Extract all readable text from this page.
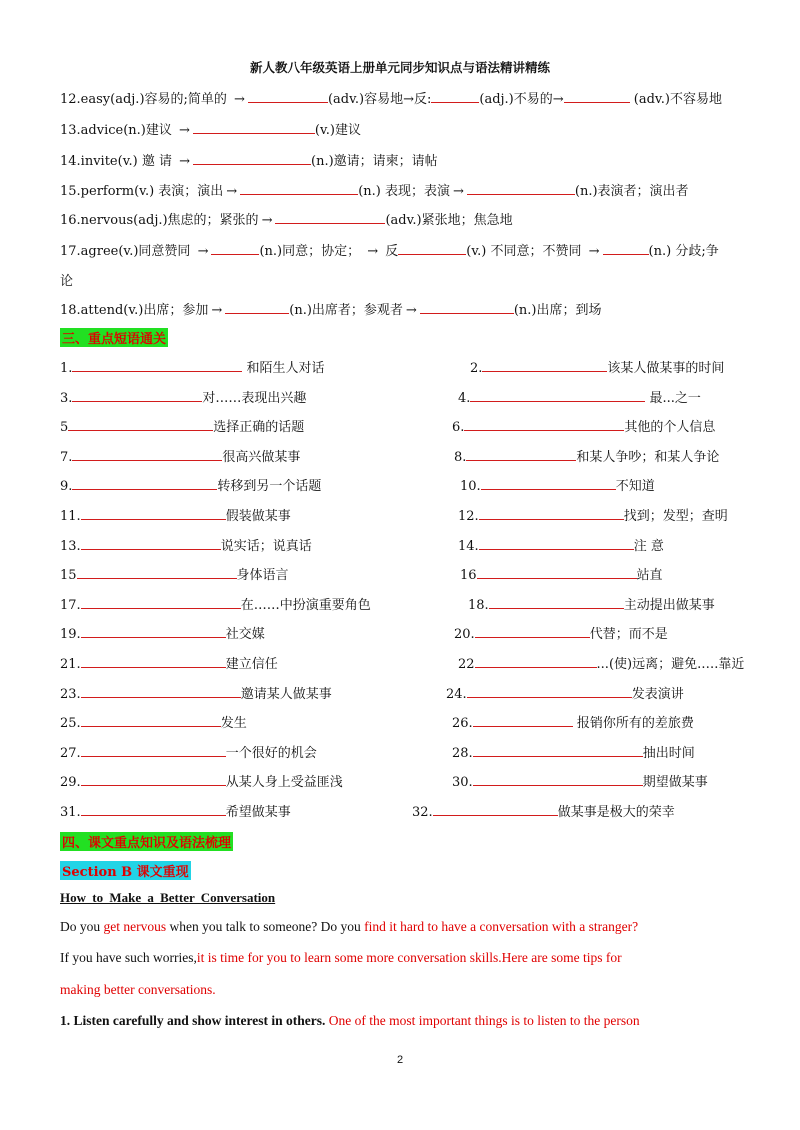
新人教八年级英语上册单元同步知识点与语法精讲精练
12.easy(adj.)容易的;简单的 →	(adv.)容易地→反:	(adj.)不易的→	(adv.)不容易地
13.advice(n.)建议 →	(v.)建议
14.invite(v.) 邀 请 →	(n.)邀请；请柬；请帖
15.perform(v.) 表演；演出 →	(n.) 表现；表演 →	(n.)表演者；演出者
16.nervous(adj.)焦虑的；紧张的 →	(adv.)紧张地；焦急地
17.agree(v.)同意赞同 →	(n.)同意；协定； → 反	(v.) 不同意；不赞同 →	(n.) 分歧;争
论
18.attend(v.)出席；参加 →	(n.)出席者；参观者 →	(n.)出席；到场
三、重点短语通关
1.	和陌生人对话	2.	该某人做某事的时间
3.	对……表现出兴趣	4.	最...之一
5	选择正确的话题	6.	其他的个人信息
7.	很高兴做某事	8.	和某人争吵；和某人争论
9.	转移到另一个话题	10.	不知道
11.	假装做某事	12.	找到；发型；查明
13.	说实话；说真话	14.	注 意
15	身体语言	16	站直
17.	在……中扮演重要角色	18.	主动提出做某事
19.	社交媒	20.	代替；而不是
21.	建立信任	22	...(使)远离；避免.….靠近
23.	邀请某人做某事	24.	发表演讲
25.	发生	26.	报销你所有的差旅费
27.	一个很好的机会	28.	抽出时间
29.	从某人身上受益匪浅	30.	期望做某事
31.	希望做某事	32.	做某事是极大的荣幸
四、课文重点知识及语法梳理
Section B 课文重现
How to Make a Better Conversation
Do you get nervous when you talk to someone? Do you find it hard to have a conversation with a stranger?
If you have such worries,it is time for you to learn some more conversation skills.Here are some tips for
making better conversations.
1. Listen carefully and show interest in others. One of the most important things is to listen to the person
2
